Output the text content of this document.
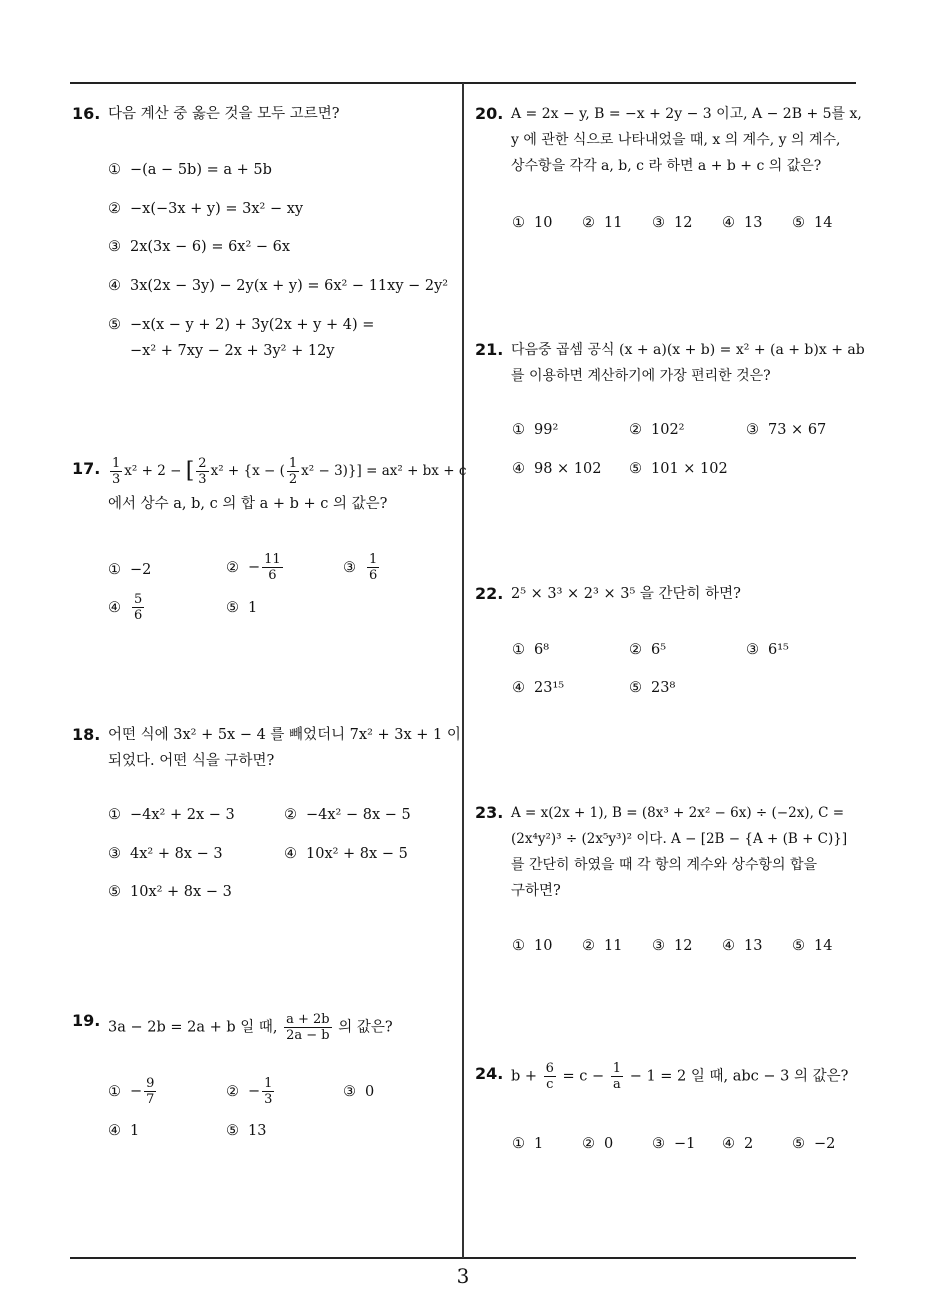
16. 다음 계산 중 옳은 것을 모두 고르면?
① −(a − 5b) = a + 5b
② −x(−3x + y) = 3x² − xy
③ 2x(3x − 6) = 6x² − 6x
④ 3x(2x − 3y) − 2y(x + y) = 6x² − 11xy − 2y²
⑤ −x(x − y + 2) + 3y(2x + y + 4) =
−x² + 7xy − 2x + 3y² + 12y
17. $\frac{1}{3} x^2 + 2$ − [ $\frac{2}{3} x^2 + \{x$ − ( $\frac{1}{2} x^2 - 3)\}] = ax^2$ + bx + c
에서 상수 a, b, c 의 합 a + b + c 의 값은?
① −2	② − $\frac{11}{6}$	③ $\frac{1}{6}$
④ $\frac{5}{6}$	⑤ 1
18. 어떤 식에 3x² + 5x − 4 를 빼었더니 7x² + 3x + 1 이
되었다. 어떤 식을 구하면?
① −4x² + 2x − 3	② −4x² − 8x − 5
③ 4x² + 8x − 3	④ 10x² + 8x − 5
⑤ 10x² + 8x − 3
19. 3a − 2b = 2a + b 일 때, $\frac{a + 2b}{2a - b}$ 의 값은?
① − $\frac{9}{7}$	② − $\frac{1}{3}$	③ 0
④ 1	⑤ 13
20. A = 2x − y, B = −x + 2y − 3 이고, A − 2B + 5를 x,
y 에 관한 식으로 나타내었을 때, x 의 계수, y 의 계수,
상수항을 각각 a, b, c 라 하면 a + b + c 의 값은?
① 10 ② 11 ③ 12 ④ 13 ⑤ 14
21. 다음중 곱셈 공식 (x + a)(x + b) = x² + (a + b)x + ab
를 이용하면 계산하기에 가장 편리한 것은?
① 99²	② 102²	③ 73 × 67
④ 98 × 102 ⑤ 101 × 102
22. 2⁵ × 3³ × 2³ × 3⁵ 을 간단히 하면?
① 6⁸	② 6⁵	③ 6¹⁵
④ 23¹⁵	⑤ 23⁸
23. A = x(2x + 1), B = (8x³ + 2x² − 6x) ÷ (−2x), C =
(2x⁴y²)³ ÷ (2x⁵y³)² 이다. A − [2B − {A + (B + C)}]
를 간단히 하였을 때 각 항의 계수와 상수항의 합을
구하면?
① 10 ② 11 ③ 12 ④ 13 ⑤ 14
24. $b + \frac{6}{c} = c - \frac{1}{a} - 1 = 2$ 일 때, abc − 3 의 값은?
① 1	② 0	③ −1 ④ 2	⑤ −2
3
